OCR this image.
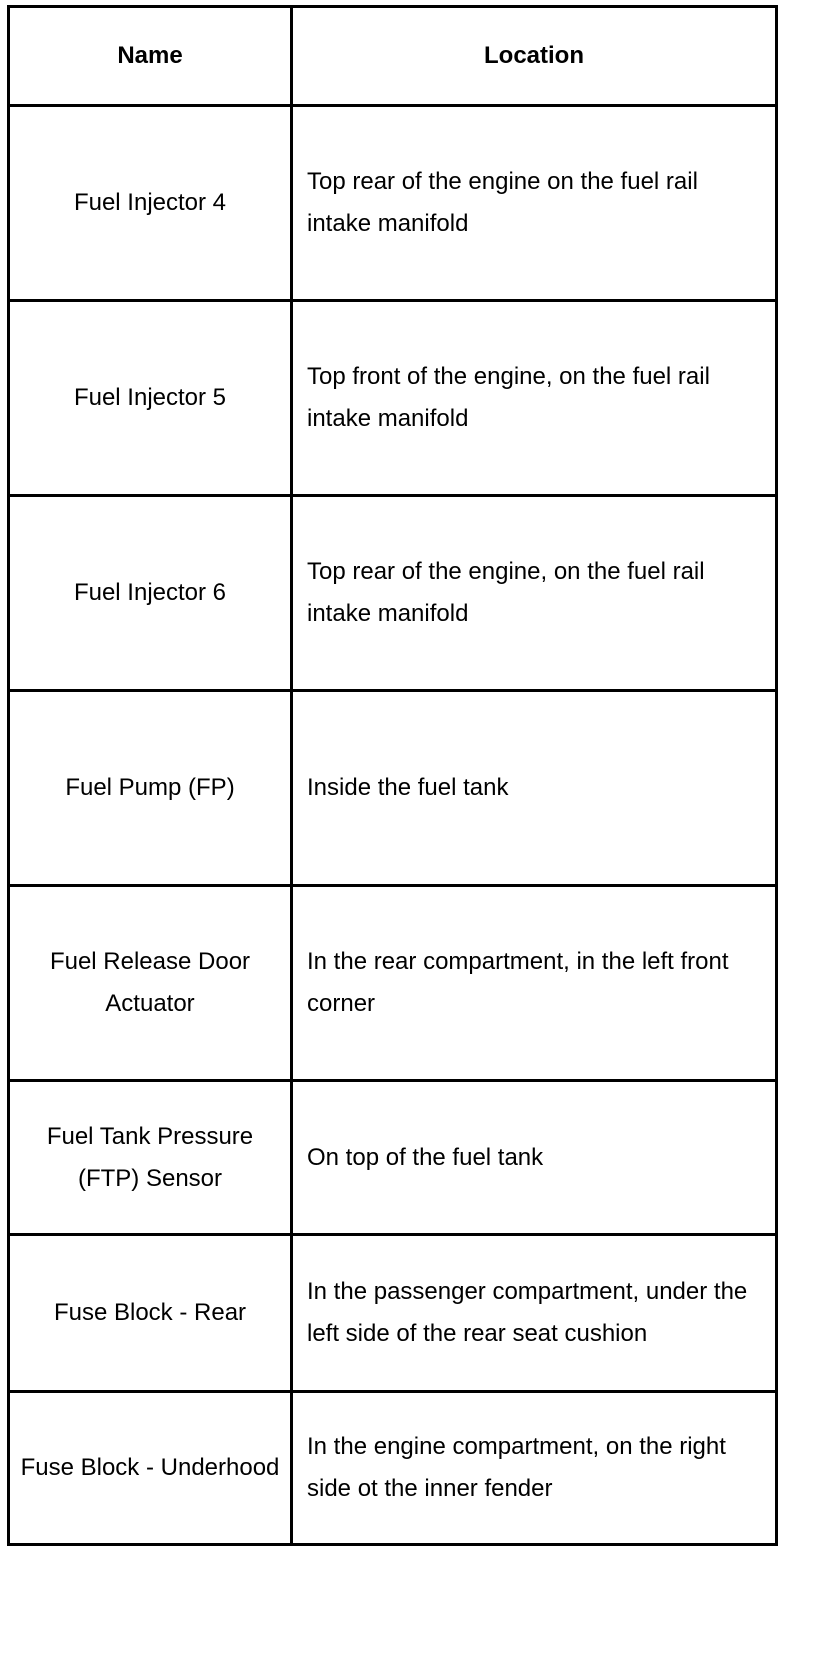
Name	Location
Fuel Injector 4	Top rear of the engine on the fuel rail intake manifold
Fuel Injector 5	Top front of the engine, on the fuel rail intake manifold
Fuel Injector 6	Top rear of the engine, on the fuel rail intake manifold
Fuel Pump (FP)	Inside the fuel tank
Fuel Release Door Actuator	In the rear compartment, in the left front corner
Fuel Tank Pressure (FTP) Sensor	On top of the fuel tank
Fuse Block - Rear	In the passenger compartment, under the left side of the rear seat cushion
Fuse Block - Underhood	In the engine compartment, on the right side ot the inner fender
